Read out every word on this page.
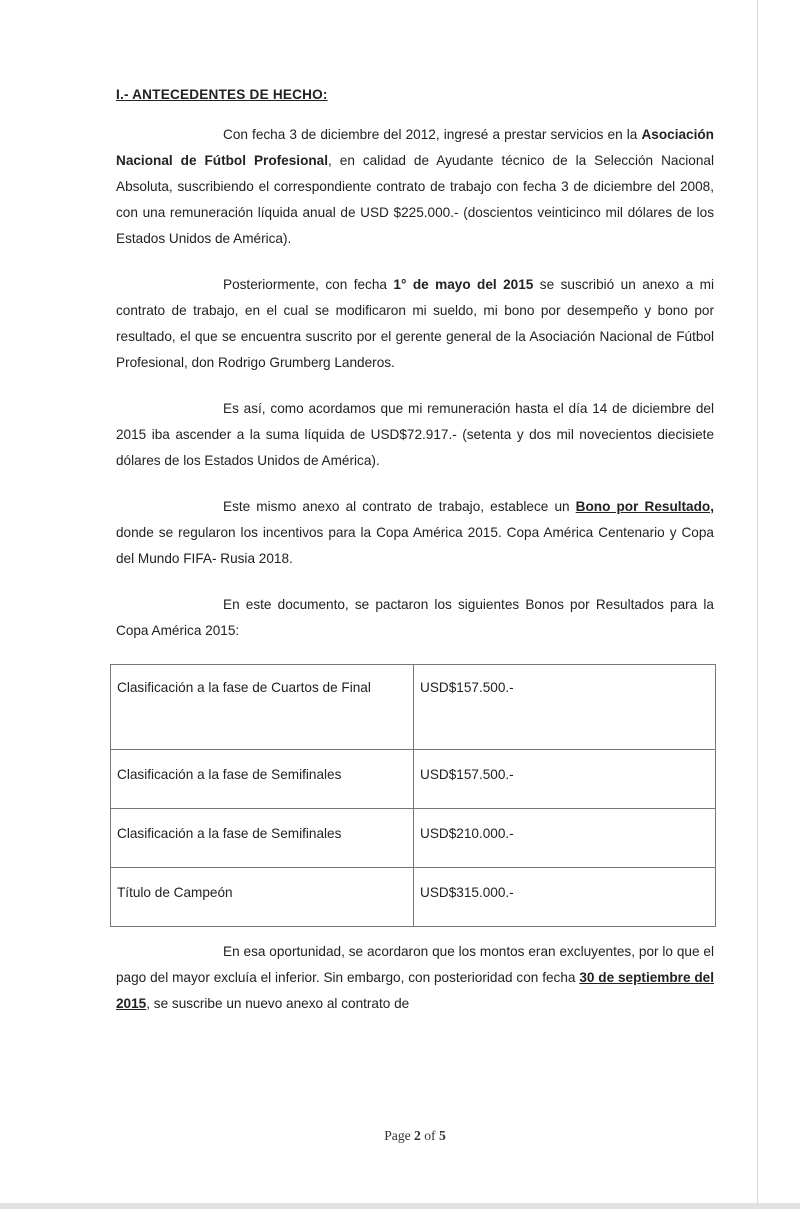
I.- ANTECEDENTES DE HECHO:

Con fecha 3 de diciembre del 2012, ingresé a prestar servicios en la Asociación Nacional de Fútbol Profesional, en calidad de Ayudante técnico de la Selección Nacional Absoluta, suscribiendo el correspondiente contrato de trabajo con fecha 3 de diciembre del 2008, con una remuneración líquida anual de USD $225.000.- (doscientos veinticinco mil dólares de los Estados Unidos de América).

Posteriormente, con fecha 1° de mayo del 2015 se suscribió un anexo a mi contrato de trabajo, en el cual se modificaron mi sueldo, mi bono por desempeño y bono por resultado, el que se encuentra suscrito por el gerente general de la Asociación Nacional de Fútbol Profesional, don Rodrigo Grumberg Landeros.

Es así, como acordamos que mi remuneración hasta el día 14 de diciembre del 2015 iba ascender a la suma líquida de USD$72.917.- (setenta y dos mil novecientos diecisiete dólares de los Estados Unidos de América).

Este mismo anexo al contrato de trabajo, establece un Bono por Resultado, donde se regularon los incentivos para la Copa América 2015. Copa América Centenario y Copa del Mundo FIFA- Rusia 2018.

En este documento, se pactaron los siguientes Bonos por Resultados para la Copa América 2015:

Clasificación a la fase de Cuartos de Final	USD$157.500.-
Clasificación a la fase de Semifinales	USD$157.500.-
Clasificación a la fase de Semifinales	USD$210.000.-
Título de Campeón	USD$315.000.-

En esa oportunidad, se acordaron que los montos eran excluyentes, por lo que el pago del mayor excluía el inferior. Sin embargo, con posterioridad con fecha 30 de septiembre del 2015, se suscribe un nuevo anexo al contrato de

Page 2 of 5
